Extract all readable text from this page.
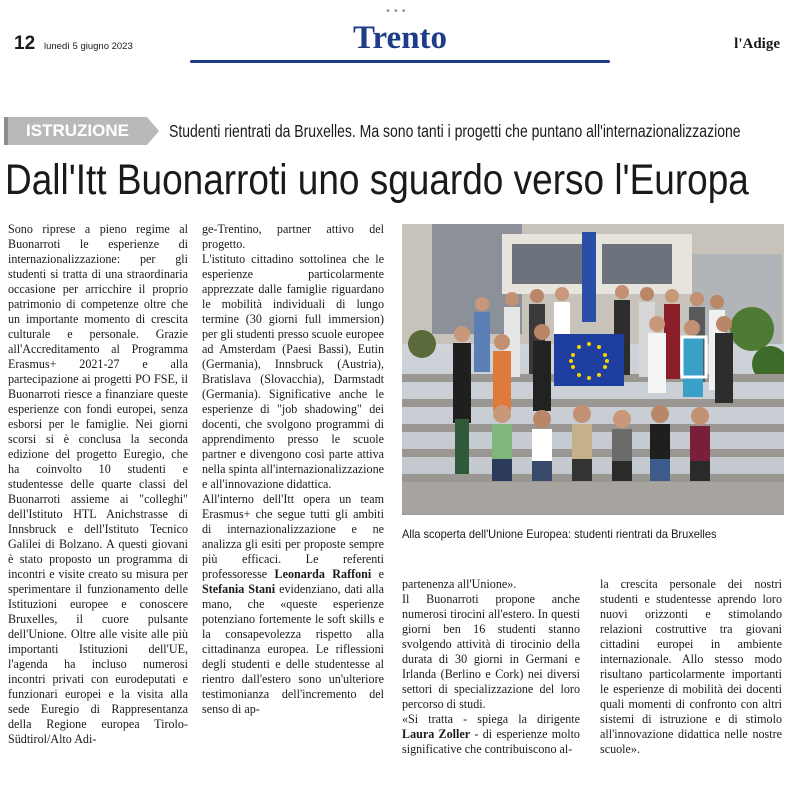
•••
12 lunedì 5 giugno 2023	Trento	l'Adige
ISTRUZIONE	Studenti rientrati da Bruxelles. Ma sono tanti i progetti che puntano all'internazionalizzazione
Dall'Itt Buonarroti uno sguardo verso l'Europa

Sono riprese a pieno regime al Buonarroti le esperienze di internazionalizzazione: per gli studenti si tratta di una straordinaria occasione per arricchire il proprio patrimonio di competenze oltre che un importante momento di crescita culturale e personale. Grazie all'Accreditamento al Programma Erasmus+ 2021-27 e alla partecipazione ai progetti PO FSE, il Buonarroti riesce a finanziare queste esperienze con fondi europei, senza esborsi per le famiglie. Nei giorni scorsi si è conclusa la seconda edizione del progetto Euregio, che ha coinvolto 10 studenti e studentesse delle quarte classi del Buonarroti assieme ai "colleghi" dell'Istituto HTL Anichstrasse di Innsbruck e dell'Istituto Tecnico Galilei di Bolzano. A questi giovani è stato proposto un programma di incontri e visite creato su misura per sperimentare il funzionamento delle Istituzioni europee e conoscere Bruxelles, il cuore pulsante dell'Unione. Oltre alle visite alle più importanti Istituzioni dell'UE, l'agenda ha incluso numerosi incontri privati con eurodeputati e funzionari europei e la visita alla sede Euregio di Rappresentanza della Regione europea Tirolo-Südtirol/Alto Adi-

ge-Trentino, partner attivo del progetto.

L'istituto cittadino sottolinea che le esperienze particolarmente apprezzate dalle famiglie riguardano le mobilità individuali di lungo termine (30 giorni full immersion) per gli studenti presso scuole europee ad Amsterdam (Paesi Bassi), Eutin (Germania), Innsbruck (Austria), Bratislava (Slovacchia), Darmstadt (Germania). Significative anche le esperienze di "job shadowing" dei docenti, che svolgono programmi di apprendimento presso le scuole partner e divengono così parte attiva nella spinta all'internazionalizzazione e all'innovazione didattica.

All'interno dell'Itt opera un team Erasmus+ che segue tutti gli ambiti di internazionalizzazione e ne analizza gli esiti per proposte sempre più efficaci. Le referenti professoresse Leonarda Raffoni e Stefania Stani evidenziano, dati alla mano, che «queste esperienze potenziano fortemente le soft skills e la consapevolezza rispetto alla cittadinanza europea. Le riflessioni degli studenti e delle studentesse al rientro dall'estero sono un'ulteriore testimonianza dell'incremento del senso di ap-

Alla scoperta dell'Unione Europea: studenti rientrati da Bruxelles

partenenza all'Unione».

Il Buonarroti propone anche numerosi tirocini all'estero. In questi giorni ben 16 studenti stanno svolgendo attività di tirocinio della durata di 30 giorni in Germani e Irlanda (Berlino e Cork) nei diversi settori di specializzazione del loro percorso di studi.

«Si tratta - spiega la dirigente Laura Zoller - di esperienze molto significative che contribuiscono al-

la crescita personale dei nostri studenti e studentesse aprendo loro nuovi orizzonti e stimolando relazioni costruttive tra giovani cittadini europei in ambiente internazionale. Allo stesso modo risultano particolarmente importanti le esperienze di mobilità dei docenti quali momenti di confronto con altri sistemi di istruzione e di stimolo all'innovazione didattica nelle nostre scuole».
